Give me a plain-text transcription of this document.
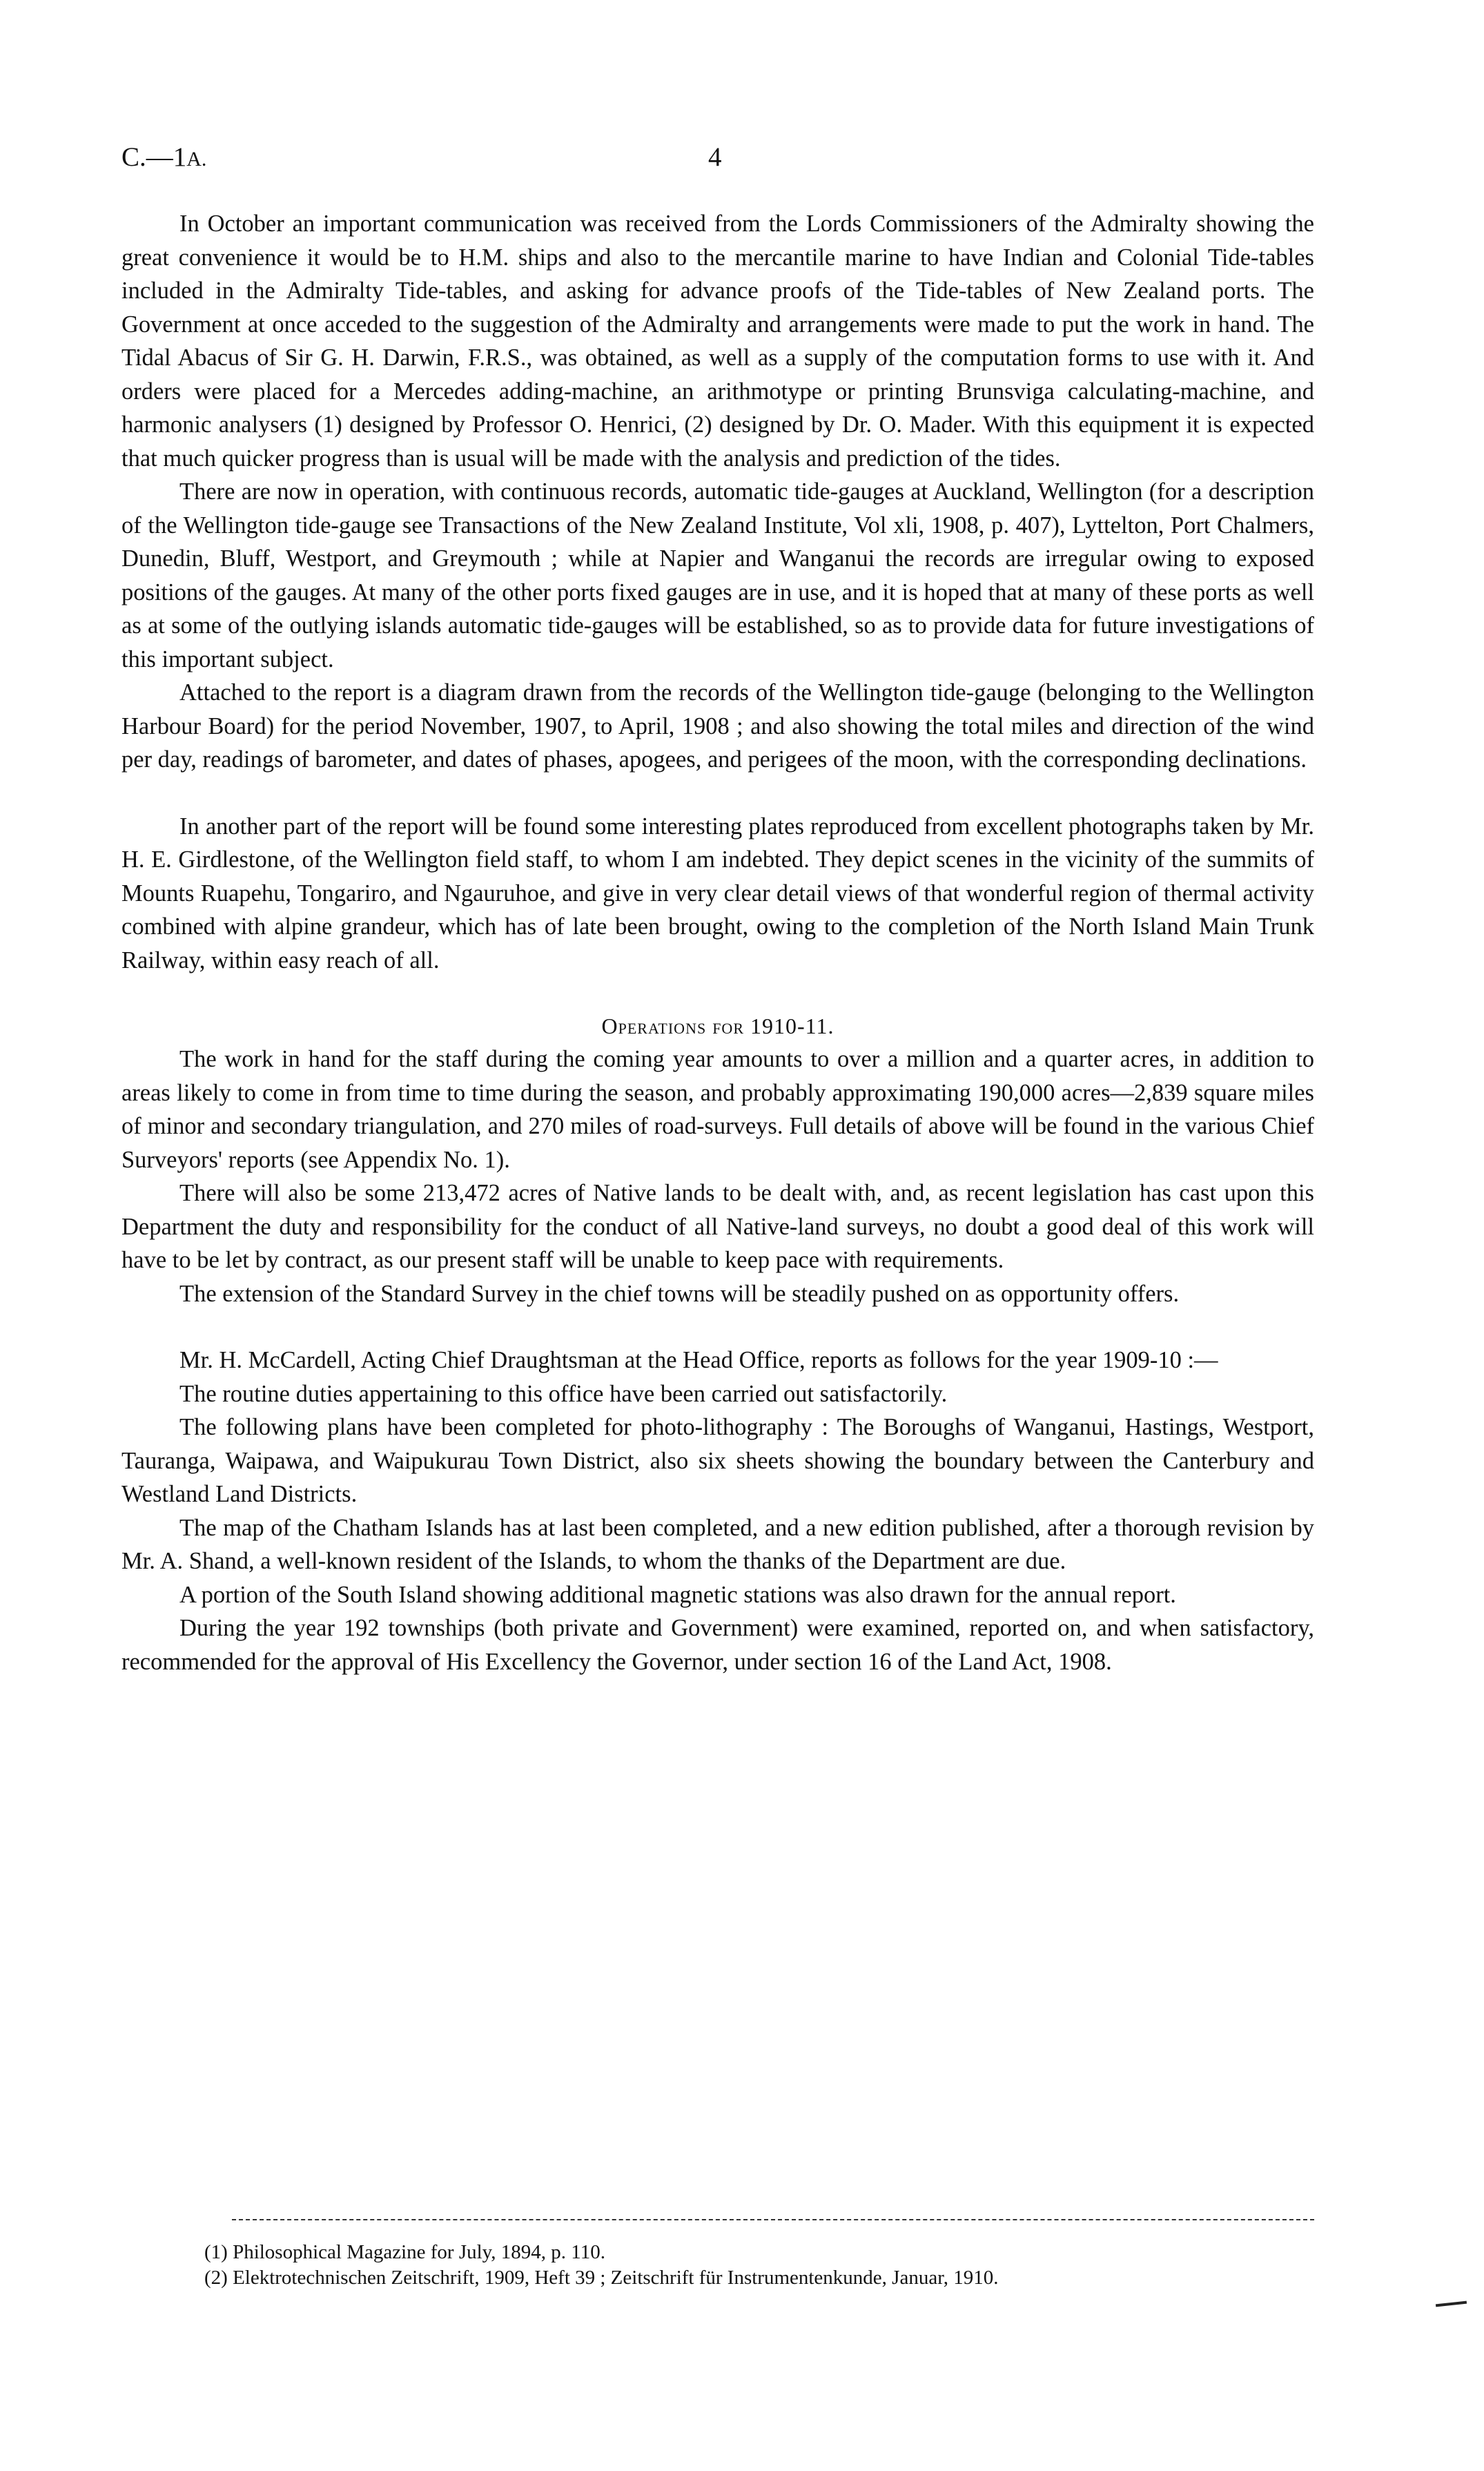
C.—1A.	4

In October an important communication was received from the Lords Commissioners of the Admiralty showing the great convenience it would be to H.M. ships and also to the mercantile marine to have Indian and Colonial Tide-tables included in the Admiralty Tide-tables, and asking for advance proofs of the Tide-tables of New Zealand ports. The Government at once acceded to the suggestion of the Admiralty and arrangements were made to put the work in hand. The Tidal Abacus of Sir G. H. Darwin, F.R.S., was obtained, as well as a supply of the computation forms to use with it. And orders were placed for a Mercedes adding-machine, an arithmotype or printing Brunsviga calculating-machine, and harmonic analysers (1) designed by Professor O. Henrici, (2) designed by Dr. O. Mader. With this equipment it is expected that much quicker progress than is usual will be made with the analysis and prediction of the tides.

There are now in operation, with continuous records, automatic tide-gauges at Auckland, Wellington (for a description of the Wellington tide-gauge see Transactions of the New Zealand Institute, Vol xli, 1908, p. 407), Lyttelton, Port Chalmers, Dunedin, Bluff, Westport, and Greymouth ; while at Napier and Wanganui the records are irregular owing to exposed positions of the gauges. At many of the other ports fixed gauges are in use, and it is hoped that at many of these ports as well as at some of the outlying islands automatic tide-gauges will be established, so as to provide data for future investigations of this important subject.

Attached to the report is a diagram drawn from the records of the Wellington tide-gauge (belonging to the Wellington Harbour Board) for the period November, 1907, to April, 1908 ; and also showing the total miles and direction of the wind per day, readings of barometer, and dates of phases, apogees, and perigees of the moon, with the corresponding declinations.

In another part of the report will be found some interesting plates reproduced from excellent photographs taken by Mr. H. E. Girdlestone, of the Wellington field staff, to whom I am indebted. They depict scenes in the vicinity of the summits of Mounts Ruapehu, Tongariro, and Ngauruhoe, and give in very clear detail views of that wonderful region of thermal activity combined with alpine grandeur, which has of late been brought, owing to the completion of the North Island Main Trunk Railway, within easy reach of all.

Operations for 1910-11.

The work in hand for the staff during the coming year amounts to over a million and a quarter acres, in addition to areas likely to come in from time to time during the season, and probably approximating 190,000 acres—2,839 square miles of minor and secondary triangulation, and 270 miles of road-surveys. Full details of above will be found in the various Chief Surveyors' reports (see Appendix No. 1).

There will also be some 213,472 acres of Native lands to be dealt with, and, as recent legislation has cast upon this Department the duty and responsibility for the conduct of all Native-land surveys, no doubt a good deal of this work will have to be let by contract, as our present staff will be unable to keep pace with requirements.

The extension of the Standard Survey in the chief towns will be steadily pushed on as opportunity offers.

Mr. H. McCardell, Acting Chief Draughtsman at the Head Office, reports as follows for the year 1909-10 :—

The routine duties appertaining to this office have been carried out satisfactorily.

The following plans have been completed for photo-lithography : The Boroughs of Wanganui, Hastings, Westport, Tauranga, Waipawa, and Waipukurau Town District, also six sheets showing the boundary between the Canterbury and Westland Land Districts.

The map of the Chatham Islands has at last been completed, and a new edition published, after a thorough revision by Mr. A. Shand, a well-known resident of the Islands, to whom the thanks of the Department are due.

A portion of the South Island showing additional magnetic stations was also drawn for the annual report.

During the year 192 townships (both private and Government) were examined, reported on, and when satisfactory, recommended for the approval of His Excellency the Governor, under section 16 of the Land Act, 1908.

(1) Philosophical Magazine for July, 1894, p. 110.
(2) Elektrotechnischen Zeitschrift, 1909, Heft 39 ; Zeitschrift für Instrumentenkunde, Januar, 1910.
